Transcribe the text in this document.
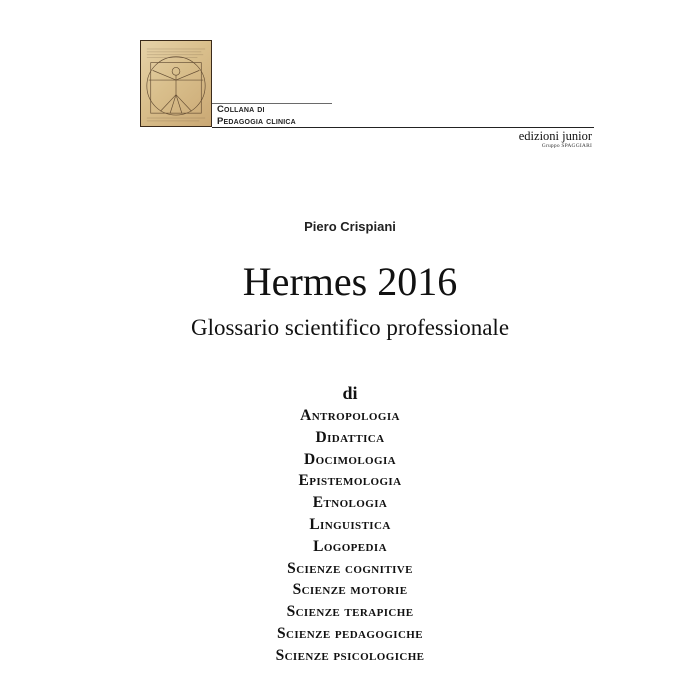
Collana di
Pedagogia clinica
edizioni junior
Gruppo SPAGGIARI
Piero Crispiani
Hermes 2016
Glossario scientifico professionale
di
Antropologia
Didattica
Docimologia
Epistemologia
Etnologia
Linguistica
Logopedia
Scienze cognitive
Scienze motorie
Scienze terapiche
Scienze pedagogiche
Scienze psicologiche
